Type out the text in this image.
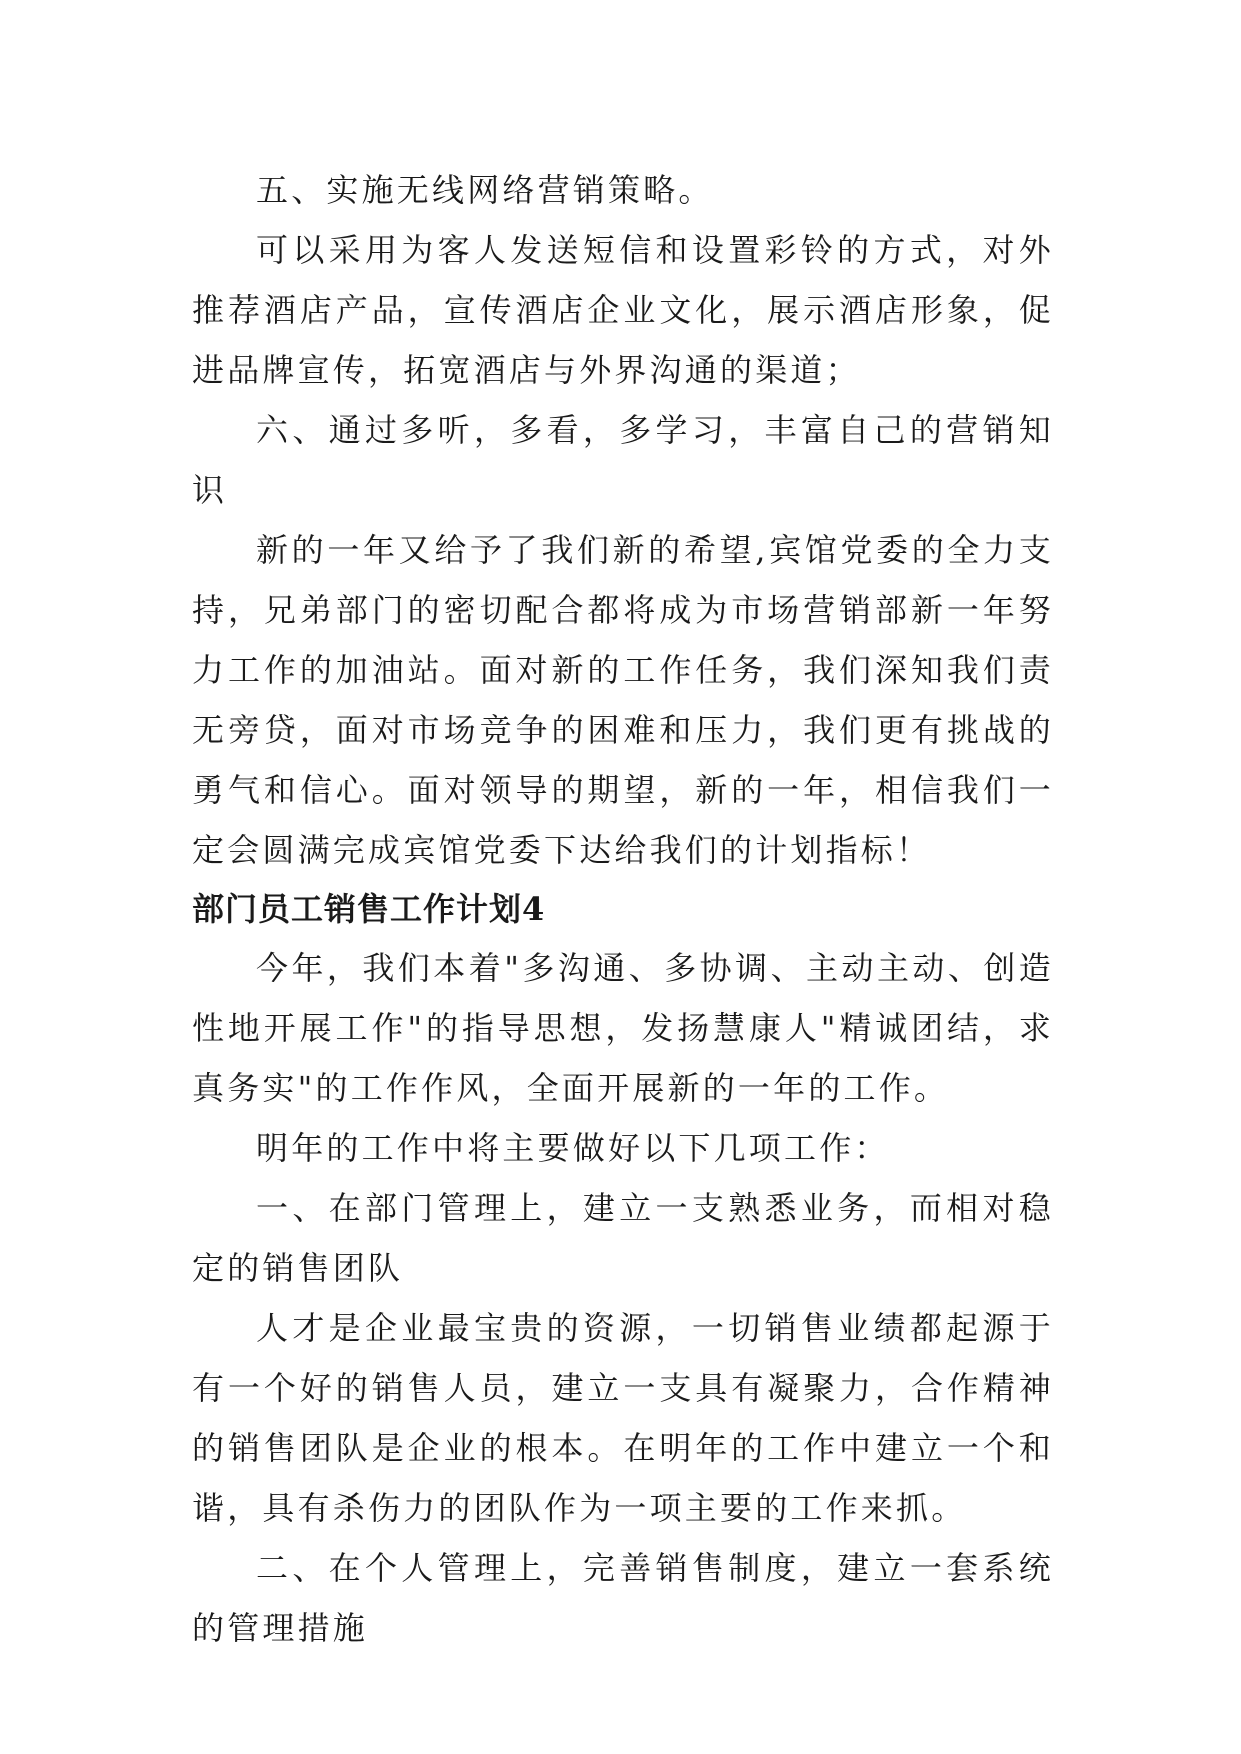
五、实施无线网络营销策略。

可以采用为客人发送短信和设置彩铃的方式，对外推荐酒店产品，宣传酒店企业文化，展示酒店形象，促进品牌宣传，拓宽酒店与外界沟通的渠道；

六、通过多听，多看，多学习，丰富自己的营销知识

新的一年又给予了我们新的希望,宾馆党委的全力支持，兄弟部门的密切配合都将成为市场营销部新一年努力工作的加油站。面对新的工作任务，我们深知我们责无旁贷，面对市场竞争的困难和压力，我们更有挑战的勇气和信心。面对领导的期望，新的一年，相信我们一定会圆满完成宾馆党委下达给我们的计划指标！

部门员工销售工作计划4

今年，我们本着"多沟通、多协调、主动主动、创造性地开展工作"的指导思想，发扬慧康人"精诚团结，求真务实"的工作作风，全面开展新的一年的工作。

明年的工作中将主要做好以下几项工作：

一、在部门管理上，建立一支熟悉业务，而相对稳定的销售团队

人才是企业最宝贵的资源，一切销售业绩都起源于有一个好的销售人员，建立一支具有凝聚力，合作精神的销售团队是企业的根本。在明年的工作中建立一个和谐，具有杀伤力的团队作为一项主要的工作来抓。

二、在个人管理上，完善销售制度，建立一套系统的管理措施
